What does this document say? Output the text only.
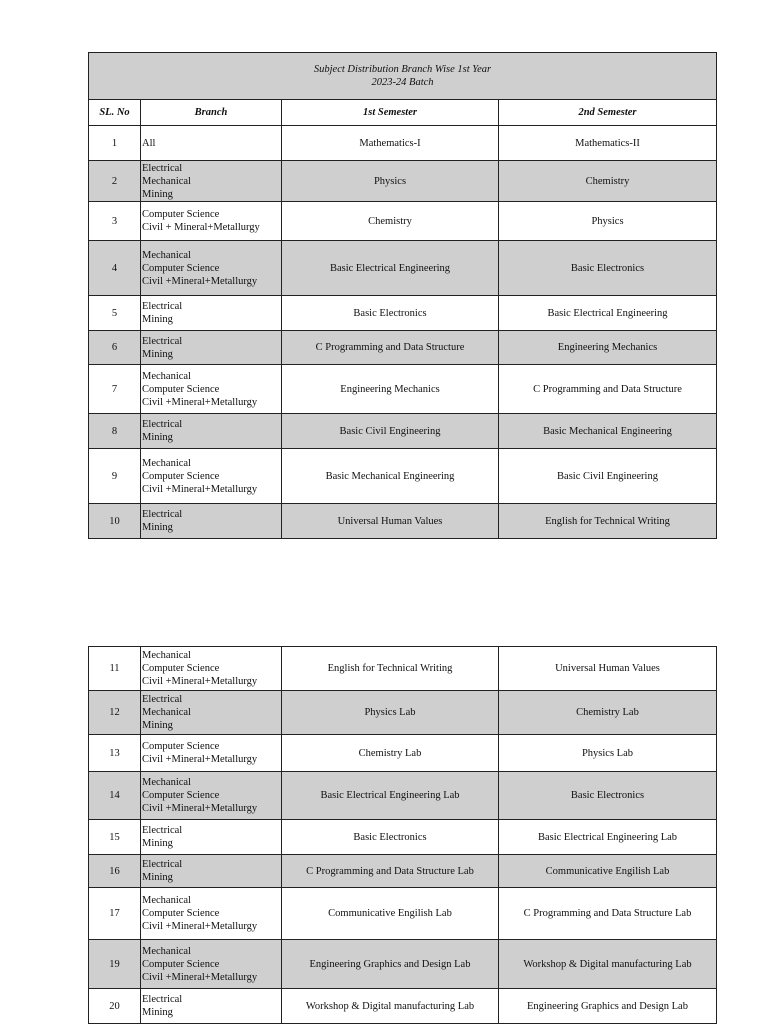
Subject Distribution Branch Wise 1st Year
2023-24 Batch			

SL. No	Branch	1st Semester	2nd Semester
1	All	Mathematics-I	Mathematics-II
2	Electrical
Mechanical
Mining	Physics	Chemistry
3	Computer Science
Civil + Mineral+Metallurgy	Chemistry	Physics
4	Mechanical
Computer Science
Civil +Mineral+Metallurgy	Basic Electrical Engineering	Basic Electronics
5	Electrical
Mining	Basic Electronics	Basic Electrical Engineering
6	Electrical
Mining	C Programming and Data Structure	Engineering Mechanics
7	Mechanical
Computer Science
Civil +Mineral+Metallurgy	Engineering Mechanics	C Programming and Data Structure
8	Electrical
Mining	Basic Civil Engineering	Basic Mechanical Engineering
9	Mechanical
Computer Science
Civil +Mineral+Metallurgy	Basic Mechanical Engineering	Basic Civil Engineering
10	Electrical
Mining	Universal Human Values	English for Technical Writing
11	Mechanical
Computer Science
Civil +Mineral+Metallurgy	English for Technical Writing	Universal Human Values
12	Electrical
Mechanical
Mining	Physics Lab	Chemistry Lab
13	Computer Science
Civil +Mineral+Metallurgy	Chemistry Lab	Physics Lab
14	Mechanical
Computer Science
Civil +Mineral+Metallurgy	Basic Electrical Engineering Lab	Basic Electronics
15	Electrical
Mining	Basic Electronics	Basic Electrical Engineering Lab
16	Electrical
Mining	C Programming and Data Structure Lab	Communicative Engilish Lab
17	Mechanical
Computer Science
Civil +Mineral+Metallurgy	Communicative Engilish Lab	C Programming and Data Structure Lab
19	Mechanical
Computer Science
Civil +Mineral+Metallurgy	Engineering Graphics and Design Lab	Workshop & Digital manufacturing Lab
20	Electrical
Mining	Workshop & Digital manufacturing Lab	Engineering Graphics and Design Lab
